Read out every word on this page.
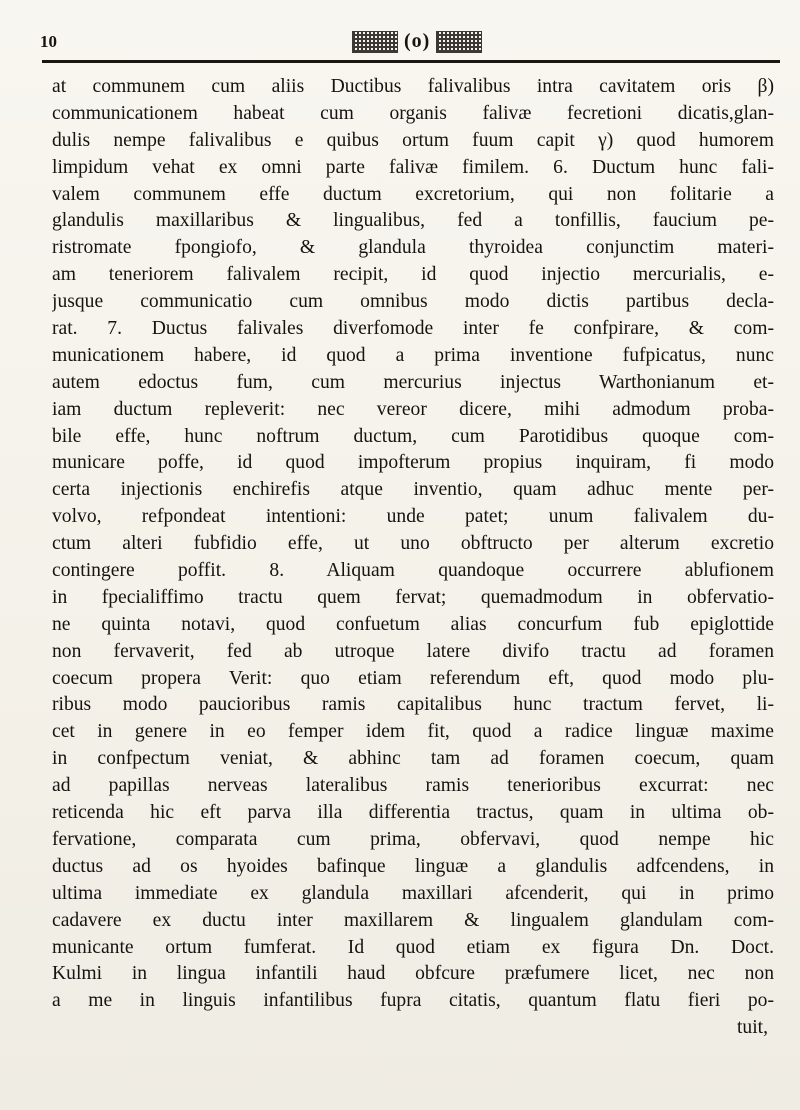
10	(o)
at communem cum aliis Ductibus falivalibus intra cavitatem oris β)
communicationem habeat cum organis falivæ fecretioni dicatis,glan-
dulis nempe falivalibus e quibus ortum fuum capit γ) quod humorem
limpidum vehat ex omni parte falivæ fimilem. 6. Ductum hunc fali-
valem communem effe ductum excretorium, qui non folitarie a
glandulis maxillaribus & lingualibus, fed a tonfillis, faucium pe-
ristromate fpongiofo, & glandula thyroidea conjunctim materi-
am teneriorem falivalem recipit, id quod injectio mercurialis, e-
jusque communicatio cum omnibus modo dictis partibus decla-
rat. 7. Ductus falivales diverfomode inter fe confpirare, & com-
municationem habere, id quod a prima inventione fufpicatus, nunc
autem edoctus fum, cum mercurius injectus Warthonianum et-
iam ductum repleverit: nec vereor dicere, mihi admodum proba-
bile effe, hunc noftrum ductum, cum Parotidibus quoque com-
municare poffe, id quod impofterum propius inquiram, fi modo
certa injectionis enchirefis atque inventio, quam adhuc mente per-
volvo, refpondeat intentioni: unde patet; unum falivalem du-
ctum alteri fubfidio effe, ut uno obftructo per alterum excretio
contingere poffit. 8. Aliquam quandoque occurrere ablufionem
in fpecialiffimo tractu quem fervat; quemadmodum in obfervatio-
ne quinta notavi, quod confuetum alias concurfum fub epiglottide
non fervaverit, fed ab utroque latere divifo tractu ad foramen
coecum propera Verit: quo etiam referendum eft, quod modo plu-
ribus modo paucioribus ramis capitalibus hunc tractum fervet, li-
cet in genere in eo femper idem fit, quod a radice linguæ maxime
in confpectum veniat, & abhinc tam ad foramen coecum, quam
ad papillas nerveas lateralibus ramis tenerioribus excurrat: nec
reticenda hic eft parva illa differentia tractus, quam in ultima ob-
fervatione, comparata cum prima, obfervavi, quod nempe hic
ductus ad os hyoides bafinque linguæ a glandulis adfcendens, in
ultima immediate ex glandula maxillari afcenderit, qui in primo
cadavere ex ductu inter maxillarem & lingualem glandulam com-
municante ortum fumferat. Id quod etiam ex figura Dn. Doct.
Kulmi in lingua infantili haud obfcure præfumere licet, nec non
a me in linguis infantilibus fupra citatis, quantum flatu fieri po-
tuit,
